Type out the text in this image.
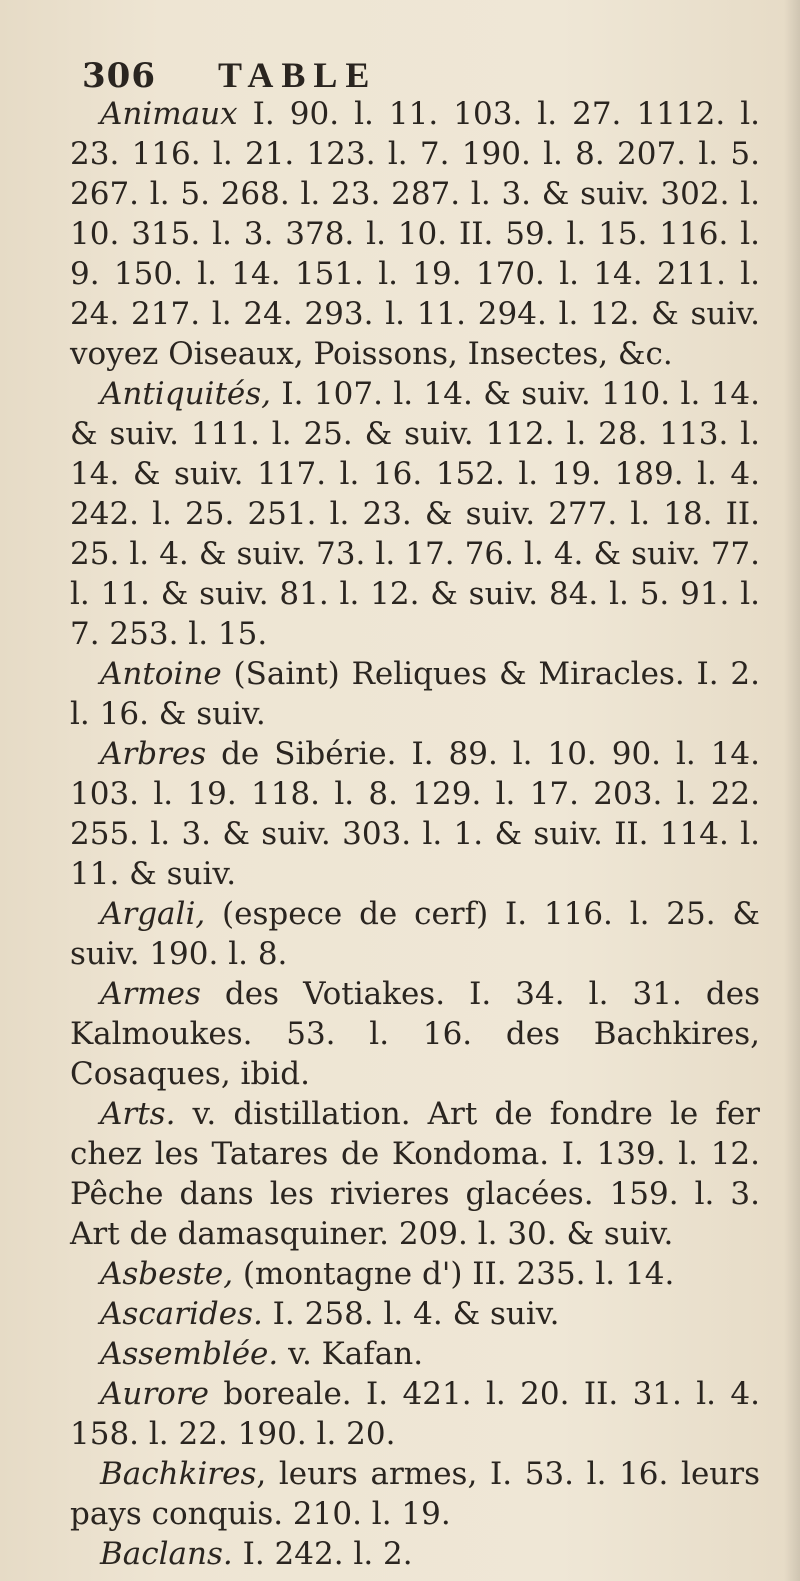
306 TABLE

Animaux I. 90. l. 11. 103. l. 27. 1112. l. 23. 116. l. 21. 123. l. 7. 190. l. 8. 207. l. 5. 267. l. 5. 268. l. 23. 287. l. 3. & suiv. 302. l. 10. 315. l. 3. 378. l. 10. II. 59. l. 15. 116. l. 9. 150. l. 14. 151. l. 19. 170. l. 14. 211. l. 24. 217. l. 24. 293. l. 11. 294. l. 12. & suiv. voyez Oiseaux, Poissons, Insectes, &c.

Antiquités, I. 107. l. 14. & suiv. 110. l. 14. & suiv. 111. l. 25. & suiv. 112. l. 28. 113. l. 14. & suiv. 117. l. 16. 152. l. 19. 189. l. 4. 242. l. 25. 251. l. 23. & suiv. 277. l. 18. II. 25. l. 4. & suiv. 73. l. 17. 76. l. 4. & suiv. 77. l. 11. & suiv. 81. l. 12. & suiv. 84. l. 5. 91. l. 7. 253. l. 15.

Antoine (Saint) Reliques & Miracles. I. 2. l. 16. & suiv.

Arbres de Sibérie. I. 89. l. 10. 90. l. 14. 103. l. 19. 118. l. 8. 129. l. 17. 203. l. 22. 255. l. 3. & suiv. 303. l. 1. & suiv. II. 114. l. 11. & suiv.

Argali, (espece de cerf) I. 116. l. 25. & suiv. 190. l. 8.

Armes des Votiakes. I. 34. l. 31. des Kalmoukes. 53. l. 16. des Bachkires, Cosaques, ibid.

Arts. v. distillation. Art de fondre le fer chez les Tatares de Kondoma. I. 139. l. 12. Pêche dans les rivieres glacées. 159. l. 3. Art de damasquiner. 209. l. 30. & suiv.

Asbeste, (montagne d') II. 235. l. 14.

Ascarides. I. 258. l. 4. & suiv.

Assemblée. v. Kafan.

Aurore boreale. I. 421. l. 20. II. 31. l. 4. 158. l. 22. 190. l. 20.

Bachkires, leurs armes, I. 53. l. 16. leurs pays conquis. 210. l. 19.

Baclans. I. 242. l. 2.
